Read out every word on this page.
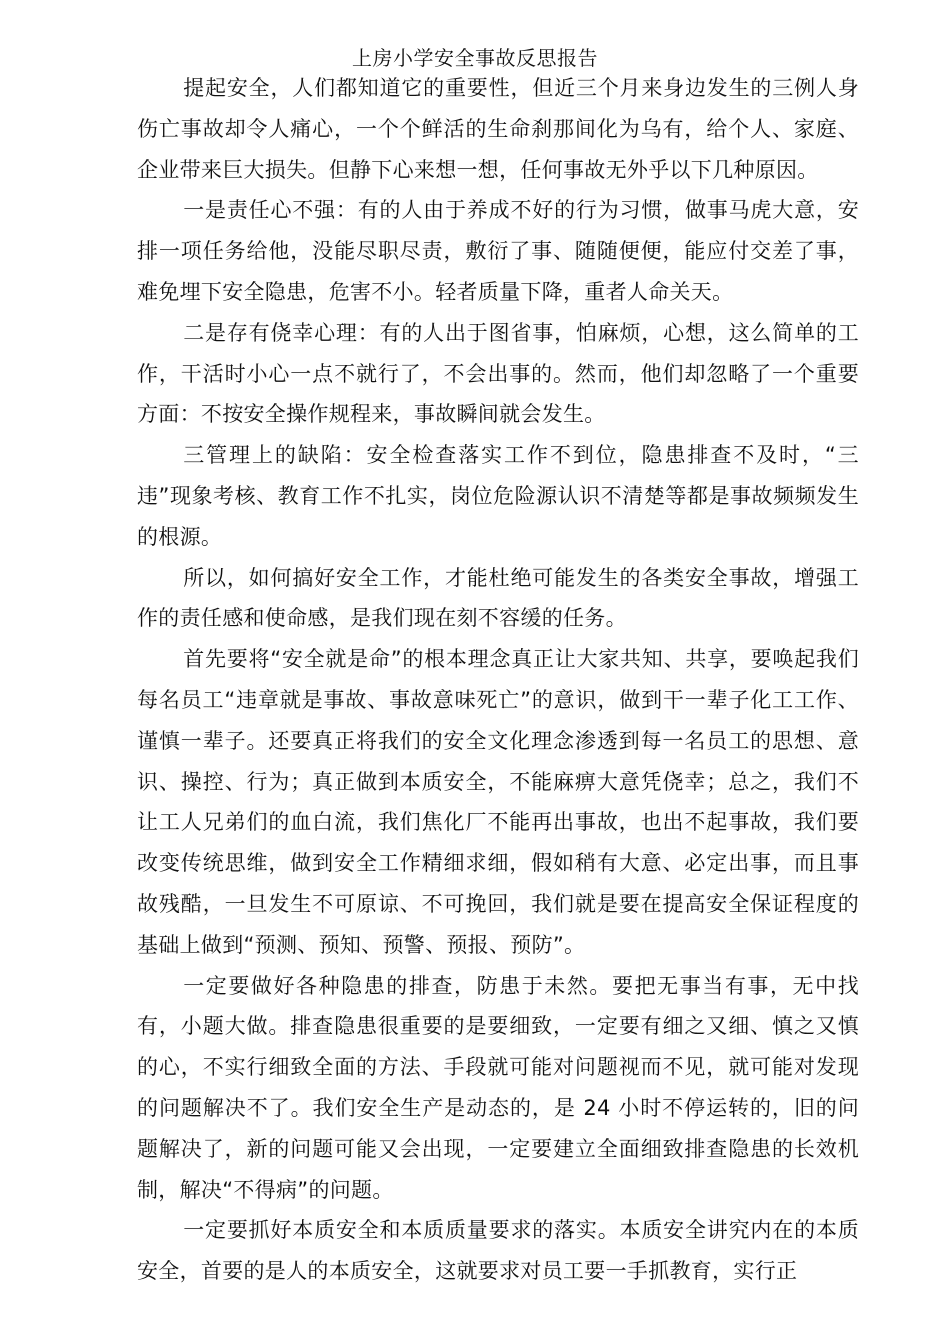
上房小学安全事故反思报告

提起安全，人们都知道它的重要性，但近三个月来身边发生的三例人身伤亡事故却令人痛心，一个个鲜活的生命刹那间化为乌有，给个人、家庭、企业带来巨大损失。但静下心来想一想，任何事故无外乎以下几种原因。

一是责任心不强：有的人由于养成不好的行为习惯，做事马虎大意，安排一项任务给他，没能尽职尽责，敷衍了事、随随便便，能应付交差了事，难免埋下安全隐患，危害不小。轻者质量下降，重者人命关天。

二是存有侥幸心理：有的人出于图省事，怕麻烦，心想，这么简单的工作，干活时小心一点不就行了，不会出事的。然而，他们却忽略了一个重要方面：不按安全操作规程来，事故瞬间就会发生。

三管理上的缺陷：安全检查落实工作不到位，隐患排查不及时，“三违”现象考核、教育工作不扎实，岗位危险源认识不清楚等都是事故频频发生的根源。

所以，如何搞好安全工作，才能杜绝可能发生的各类安全事故，增强工作的责任感和使命感，是我们现在刻不容缓的任务。

首先要将“安全就是命”的根本理念真正让大家共知、共享，要唤起我们每名员工“违章就是事故、事故意味死亡”的意识，做到干一辈子化工工作、谨慎一辈子。还要真正将我们的安全文化理念渗透到每一名员工的思想、意识、操控、行为；真正做到本质安全，不能麻痹大意凭侥幸；总之，我们不让工人兄弟们的血白流，我们焦化厂不能再出事故，也出不起事故，我们要改变传统思维，做到安全工作精细求细，假如稍有大意、必定出事，而且事故残酷，一旦发生不可原谅、不可挽回，我们就是要在提高安全保证程度的基础上做到“预测、预知、预警、预报、预防”。

一定要做好各种隐患的排查，防患于未然。要把无事当有事，无中找有，小题大做。排查隐患很重要的是要细致，一定要有细之又细、慎之又慎的心，不实行细致全面的方法、手段就可能对问题视而不见，就可能对发现的问题解决不了。我们安全生产是动态的，是 24 小时不停运转的，旧的问题解决了，新的问题可能又会出现，一定要建立全面细致排查隐患的长效机制，解决“不得病”的问题。

一定要抓好本质安全和本质质量要求的落实。本质安全讲究内在的本质安全，首要的是人的本质安全，这就要求对员工要一手抓教育，实行正
